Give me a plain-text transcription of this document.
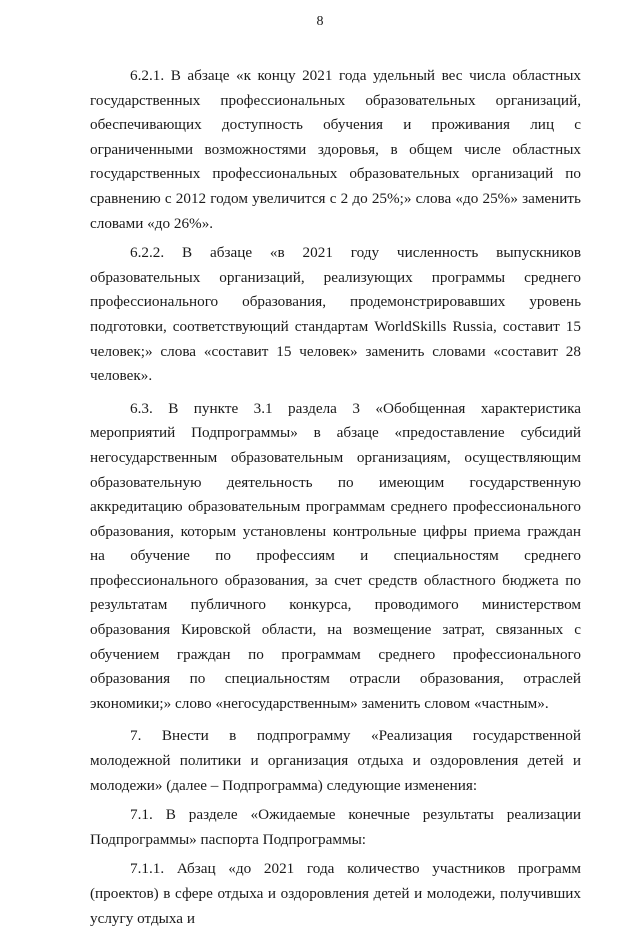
8

6.2.1. В абзаце «к концу 2021 года удельный вес числа областных государственных профессиональных образовательных организаций, обеспечивающих доступность обучения и проживания лиц с ограниченными возможностями здоровья, в общем числе областных государственных профессиональных образовательных организаций по сравнению с 2012 годом увеличится с 2 до 25%;» слова «до 25%» заменить словами «до 26%».

6.2.2. В абзаце «в 2021 году численность выпускников образовательных организаций, реализующих программы среднего профессионального образования, продемонстрировавших уровень подготовки, соответствующий стандартам WorldSkills Russia, составит 15 человек;» слова «составит 15 человек» заменить словами «составит 28 человек».

6.3. В пункте 3.1 раздела 3 «Обобщенная характеристика мероприятий Подпрограммы» в абзаце «предоставление субсидий негосударственным образовательным организациям, осуществляющим образовательную деятельность по имеющим государственную аккредитацию образовательным программам среднего профессионального образования, которым установлены контрольные цифры приема граждан на обучение по профессиям и специальностям среднего профессионального образования, за счет средств областного бюджета по результатам публичного конкурса, проводимого министерством образования Кировской области, на возмещение затрат, связанных с обучением граждан по программам среднего профессионального образования по специальностям отрасли образования, отраслей экономики;» слово «негосударственным» заменить словом «частным».

7. Внести в подпрограмму «Реализация государственной молодежной политики и организация отдыха и оздоровления детей и молодежи» (далее – Подпрограмма) следующие изменения:

7.1. В разделе «Ожидаемые конечные результаты реализации Подпрограммы» паспорта Подпрограммы:

7.1.1. Абзац «до 2021 года количество участников программ (проектов) в сфере отдыха и оздоровления детей и молодежи, получивших услугу отдыха и
